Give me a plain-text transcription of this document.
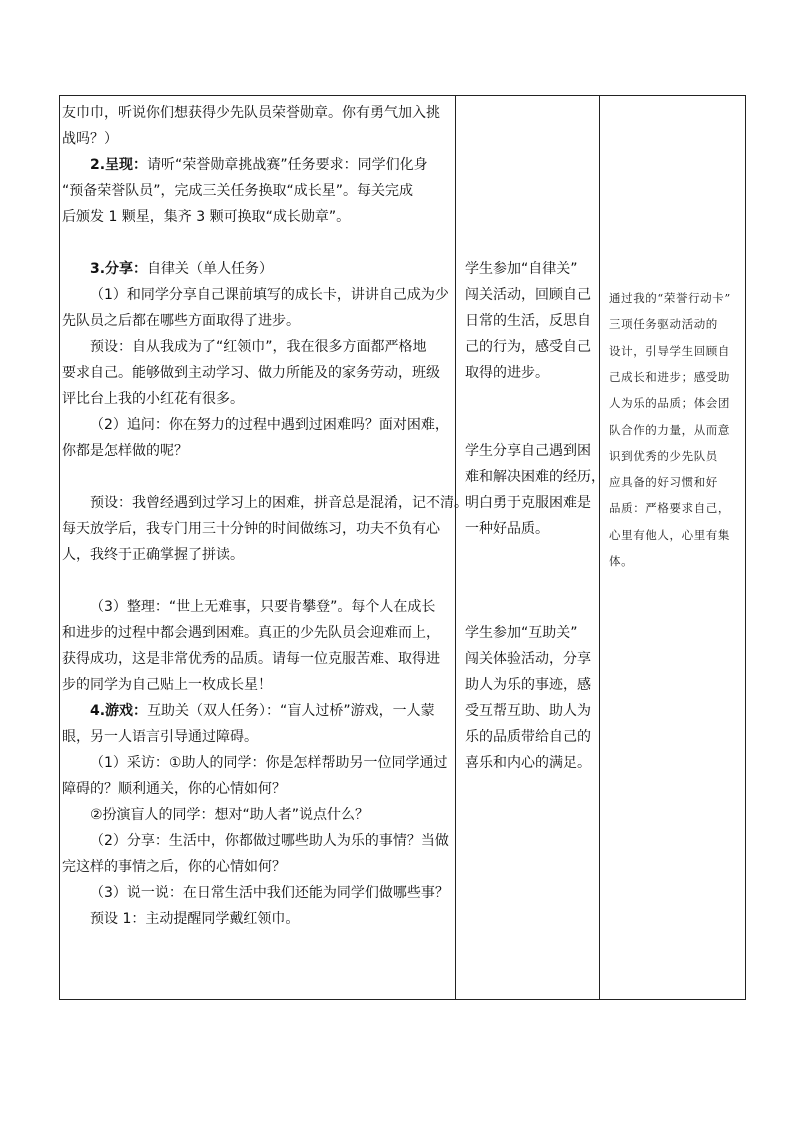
友巾巾，听说你们想获得少先队员荣誉勋章。你有勇气加入挑
战吗？）
2.呈现：请听“荣誉勋章挑战赛”任务要求：同学们化身
“预备荣誉队员”，完成三关任务换取“成长星”。每关完成
后颁发 1 颗星，集齐 3 颗可换取“成长勋章”。
3.分享：自律关（单人任务）
（1）和同学分享自己课前填写的成长卡，讲讲自己成为少
先队员之后都在哪些方面取得了进步。
预设：自从我成为了“红领巾”，我在很多方面都严格地
要求自己。能够做到主动学习、做力所能及的家务劳动，班级
评比台上我的小红花有很多。
（2）追问：你在努力的过程中遇到过困难吗？面对困难，
你都是怎样做的呢？
预设：我曾经遇到过学习上的困难，拼音总是混淆，记不清。
每天放学后，我专门用三十分钟的时间做练习，功夫不负有心
人，我终于正确掌握了拼读。
（3）整理：“世上无难事，只要肯攀登”。每个人在成长
和进步的过程中都会遇到困难。真正的少先队员会迎难而上，
获得成功，这是非常优秀的品质。请每一位克服苦难、取得进
步的同学为自己贴上一枚成长星！
4.游戏：互助关（双人任务）：“盲人过桥”游戏，一人蒙
眼，另一人语言引导通过障碍。
（1）采访：①助人的同学：你是怎样帮助另一位同学通过
障碍的？顺利通关，你的心情如何？
②扮演盲人的同学：想对“助人者”说点什么？
（2）分享：生活中，你都做过哪些助人为乐的事情？当做
完这样的事情之后，你的心情如何？
（3）说一说：在日常生活中我们还能为同学们做哪些事？
预设 1：主动提醒同学戴红领巾。
学生参加“自律关”
闯关活动，回顾自己
日常的生活，反思自
己的行为，感受自己
取得的进步。
学生分享自己遇到困
难和解决困难的经历，
明白勇于克服困难是
一种好品质。
学生参加“互助关”
闯关体验活动，分享
助人为乐的事迹，感
受互帮互助、助人为
乐的品质带给自己的
喜乐和内心的满足。
通过我的“荣誉行动卡”
三项任务驱动活动的
设计，引导学生回顾自
己成长和进步；感受助
人为乐的品质；体会团
队合作的力量，从而意
识到优秀的少先队员
应具备的好习惯和好
品质：严格要求自己，
心里有他人，心里有集
体。
